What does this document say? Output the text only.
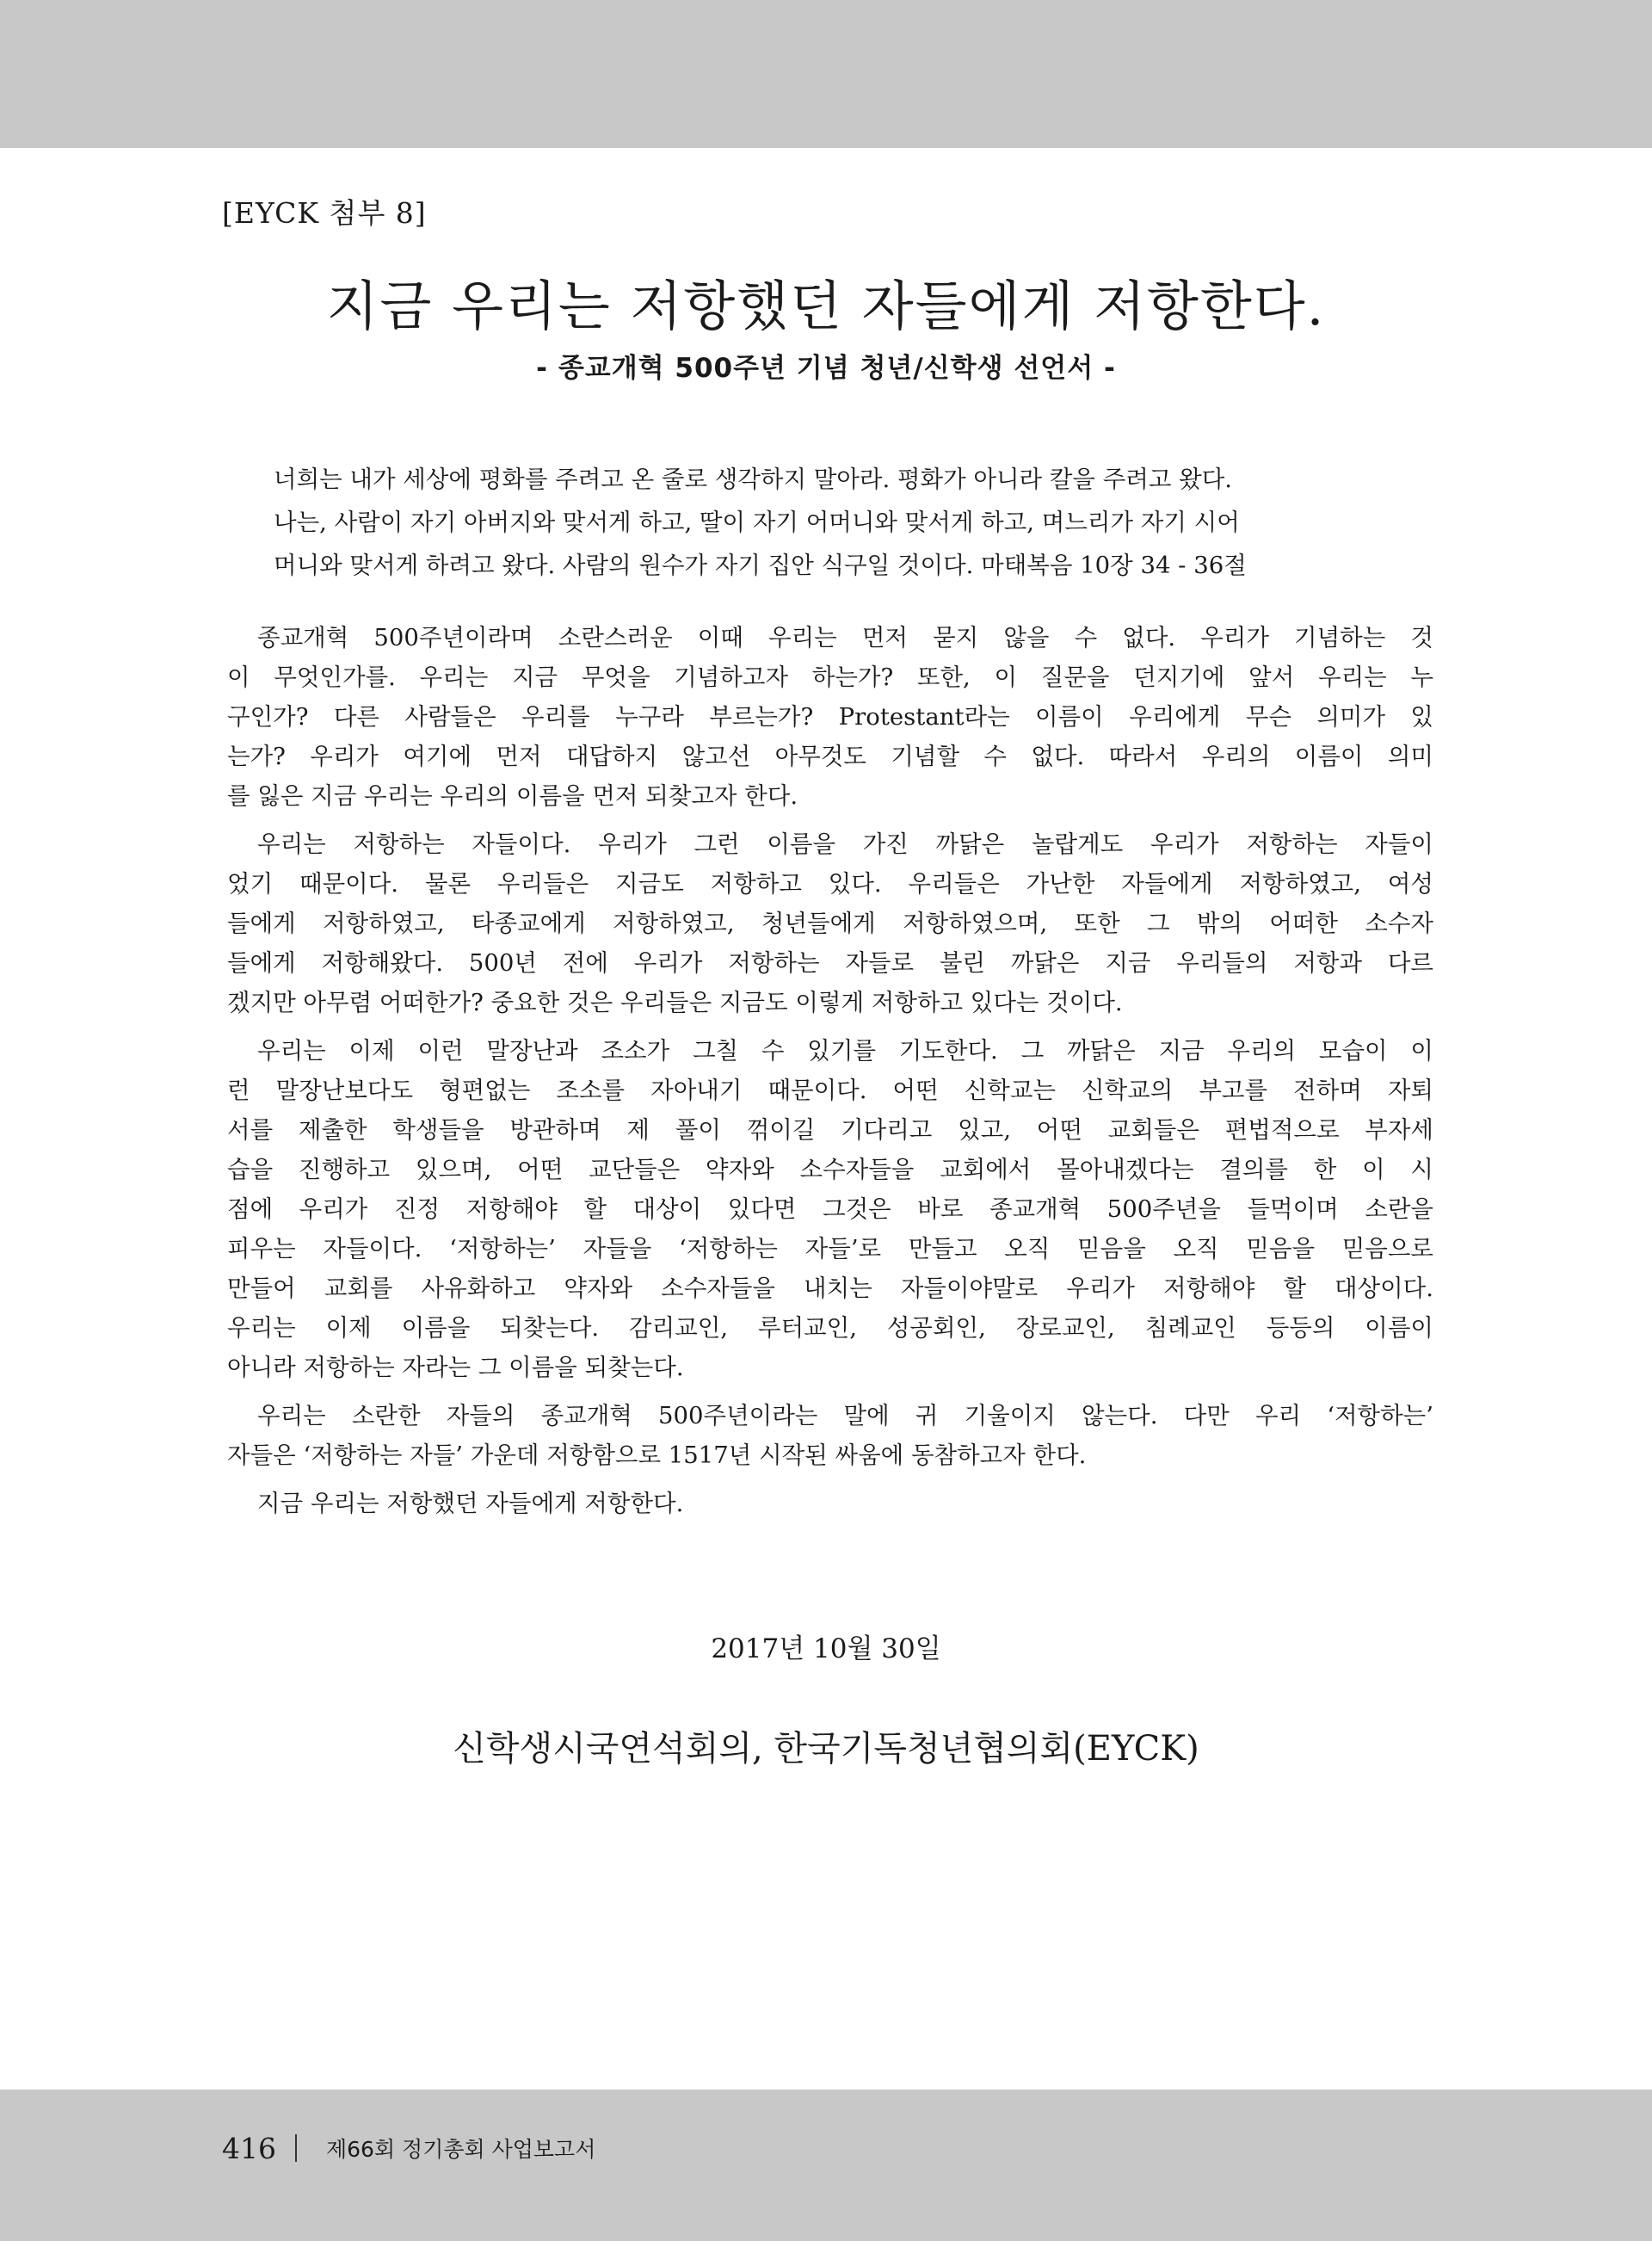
[EYCK 첨부 8]
지금 우리는 저항했던 자들에게 저항한다.
- 종교개혁 500주년 기념 청년/신학생 선언서 -

너희는 내가 세상에 평화를 주려고 온 줄로 생각하지 말아라. 평화가 아니라 칼을 주려고 왔다.

나는, 사람이 자기 아버지와 맞서게 하고, 딸이 자기 어머니와 맞서게 하고, 며느리가 자기 시어

머니와 맞서게 하려고 왔다. 사람의 원수가 자기 집안 식구일 것이다. 마태복음 10장 34 - 36절

종교개혁 500주년이라며 소란스러운 이때 우리는 먼저 묻지 않을 수 없다. 우리가 기념하는 것
이 무엇인가를. 우리는 지금 무엇을 기념하고자 하는가? 또한, 이 질문을 던지기에 앞서 우리는 누
구인가? 다른 사람들은 우리를 누구라 부르는가? Protestant라는 이름이 우리에게 무슨 의미가 있
는가? 우리가 여기에 먼저 대답하지 않고선 아무것도 기념할 수 없다. 따라서 우리의 이름이 의미
를 잃은 지금 우리는 우리의 이름을 먼저 되찾고자 한다.
우리는 저항하는 자들이다. 우리가 그런 이름을 가진 까닭은 놀랍게도 우리가 저항하는 자들이
었기 때문이다. 물론 우리들은 지금도 저항하고 있다. 우리들은 가난한 자들에게 저항하였고, 여성
들에게 저항하였고, 타종교에게 저항하였고, 청년들에게 저항하였으며, 또한 그 밖의 어떠한 소수자
들에게 저항해왔다. 500년 전에 우리가 저항하는 자들로 불린 까닭은 지금 우리들의 저항과 다르
겠지만 아무렴 어떠한가? 중요한 것은 우리들은 지금도 이렇게 저항하고 있다는 것이다.
우리는 이제 이런 말장난과 조소가 그칠 수 있기를 기도한다. 그 까닭은 지금 우리의 모습이 이
런 말장난보다도 형편없는 조소를 자아내기 때문이다. 어떤 신학교는 신학교의 부고를 전하며 자퇴
서를 제출한 학생들을 방관하며 제 풀이 꺾이길 기다리고 있고, 어떤 교회들은 편법적으로 부자세
습을 진행하고 있으며, 어떤 교단들은 약자와 소수자들을 교회에서 몰아내겠다는 결의를 한 이 시
점에 우리가 진정 저항해야 할 대상이 있다면 그것은 바로 종교개혁 500주년을 들먹이며 소란을
피우는 자들이다. ‘저항하는’ 자들을 ‘저항하는 자들’로 만들고 오직 믿음을 오직 믿음을 믿음으로
만들어 교회를 사유화하고 약자와 소수자들을 내치는 자들이야말로 우리가 저항해야 할 대상이다.
우리는 이제 이름을 되찾는다. 감리교인, 루터교인, 성공회인, 장로교인, 침례교인 등등의 이름이
아니라 저항하는 자라는 그 이름을 되찾는다.
우리는 소란한 자들의 종교개혁 500주년이라는 말에 귀 기울이지 않는다. 다만 우리 ‘저항하는’
자들은 ‘저항하는 자들’ 가운데 저항함으로 1517년 시작된 싸움에 동참하고자 한다.
지금 우리는 저항했던 자들에게 저항한다.
2017년 10월 30일
신학생시국연석회의, 한국기독청년협의회(EYCK)
416 제66회 정기총회 사업보고서
